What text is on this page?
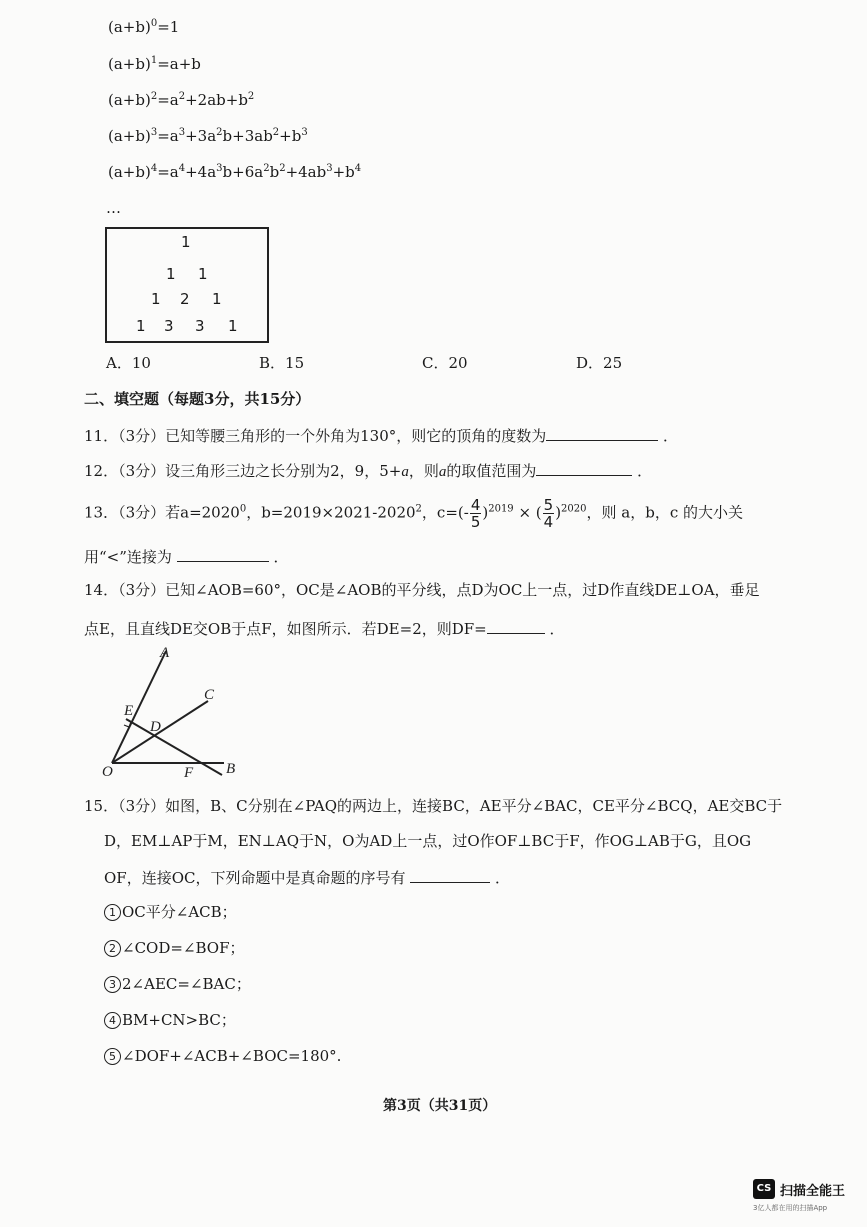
$(a+b)^0=1$
$(a+b)^1=a+b$
$(a+b)^2=a^2+2ab+b^2$
$(a+b)^3=a^3+3a^2b+3ab^2+b^3$
$(a+b)^4=a^4+4a^3b+6a^2b^2+4ab^3+b^4$
…
1
1 1
1 2 1
1 3 3 1
A．10	B．15	C．20	D．25
二、填空题（每题3分，共15分）
11．（3分）已知等腰三角形的一个外角为130°，则它的顶角的度数为	．
12．（3分）设三角形三边之长分别为2，9，5+a，则a的取值范围为	．
13．（3分）若$a=2020^0$，$b=2019\times 2021-2020^2$，$c=(- \frac{4}{5} )^{2019}$ × ( $\frac{5}{4} )^{2020}$，则 a，b，c 的大小关
用“<”连接为	．
14．（3分）已知∠AOB=60°，OC是∠AOB的平分线，点D为OC上一点，过D作直线DE⊥OA，垂足
点E，且直线DE交OB于点F，如图所示．若DE=2，则DF=	．
A
C
E
D
O	F B
15．（3分）如图，B、C分别在∠PAQ的两边上，连接BC，AE平分∠BAC，CE平分∠BCQ，AE交BC于
D，EM⊥AP于M，EN⊥AQ于N，O为AD上一点，过O作OF⊥BC于F，作OG⊥AB于G，且OG
OF，连接OC，下列命题中是真命题的序号有	．
1 OC平分∠ACB；
2 ∠COD=∠BOF；
3 2∠AEC=∠BAC；
4 BM+CN>BC；
5 ∠DOF+∠ACB+∠BOC=180°.
第3页（共31页）
CS 扫描全能王
3亿人都在用的扫描App
